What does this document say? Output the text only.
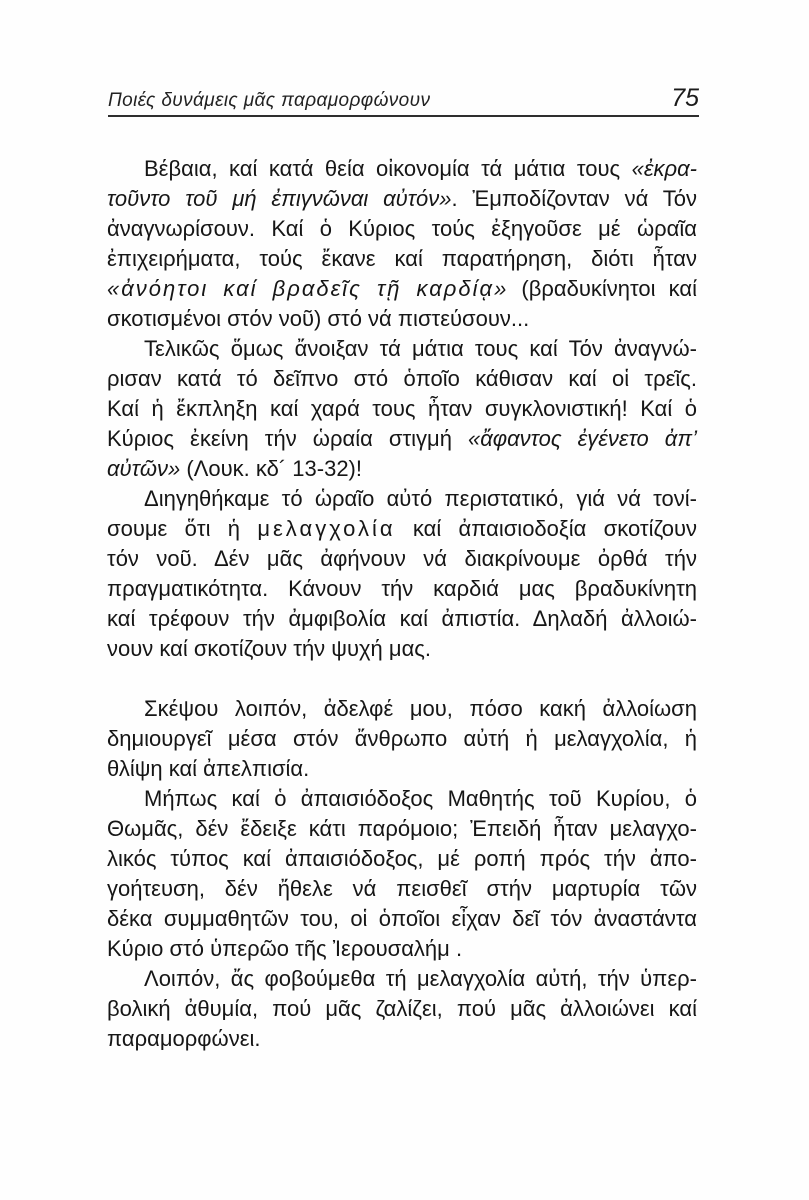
Ποιές δυνάμεις μᾶς παραμορφώνουν	75
Βέβαια, καί κατά θεία οἰκονομία τά μάτια τους «ἐκρα-
τοῦντο τοῦ μή ἐπιγνῶναι αὐτόν». Ἐμποδίζονταν νά Τόν
ἀναγνωρίσουν. Καί ὁ Κύριος τούς ἐξηγοῦσε μέ ὡραῖα
ἐπιχειρήματα, τούς ἔκανε καί παρατήρηση, διότι ἦταν
«ἀνόητοι καί βραδεῖς τῇ καρδίᾳ» (βραδυκίνητοι καί
σκοτισμένοι στόν νοῦ) στό νά πιστεύσουν...
Τελικῶς ὅμως ἄνοιξαν τά μάτια τους καί Τόν ἀναγνώ-
ρισαν κατά τό δεῖπνο στό ὁποῖο κάθισαν καί οἱ τρεῖς.
Καί ἡ ἔκπληξη καί χαρά τους ἦταν συγκλονιστική! Καί ὁ
Κύριος ἐκείνη τήν ὡραία στιγμή «ἄφαντος ἐγένετο ἀπ’
αὐτῶν» (Λουκ. κδ´ 13-32)!
Διηγηθήκαμε τό ὡραῖο αὐτό περιστατικό, γιά νά τονί-
σουμε ὅτι ἡ μελαγχολία καί ἀπαισιοδοξία σκοτίζουν
τόν νοῦ. Δέν μᾶς ἀφήνουν νά διακρίνουμε ὀρθά τήν
πραγματικότητα. Κάνουν τήν καρδιά μας βραδυκίνητη
καί τρέφουν τήν ἀμφιβολία καί ἀπιστία. Δηλαδή ἀλλοιώ-
νουν καί σκοτίζουν τήν ψυχή μας.
Σκέψου λοιπόν, ἀδελφέ μου, πόσο κακή ἀλλοίωση
δημιουργεῖ μέσα στόν ἄνθρωπο αὐτή ἡ μελαγχολία, ἡ
θλίψη καί ἀπελπισία.
Μήπως καί ὁ ἀπαισιόδοξος Μαθητής τοῦ Κυρίου, ὁ
Θωμᾶς, δέν ἔδειξε κάτι παρόμοιο; Ἐπειδή ἦταν μελαγχο-
λικός τύπος καί ἀπαισιόδοξος, μέ ροπή πρός τήν ἀπο-
γοήτευση, δέν ἤθελε νά πεισθεῖ στήν μαρτυρία τῶν
δέκα συμμαθητῶν του, οἱ ὁποῖοι εἶχαν δεῖ τόν ἀναστάντα
Κύριο στό ὑπερῶο τῆς Ἰερουσαλήμ .
Λοιπόν, ἄς φοβούμεθα τή μελαγχολία αὐτή, τήν ὑπερ-
βολική ἀθυμία, πού μᾶς ζαλίζει, πού μᾶς ἀλλοιώνει καί
παραμορφώνει.
